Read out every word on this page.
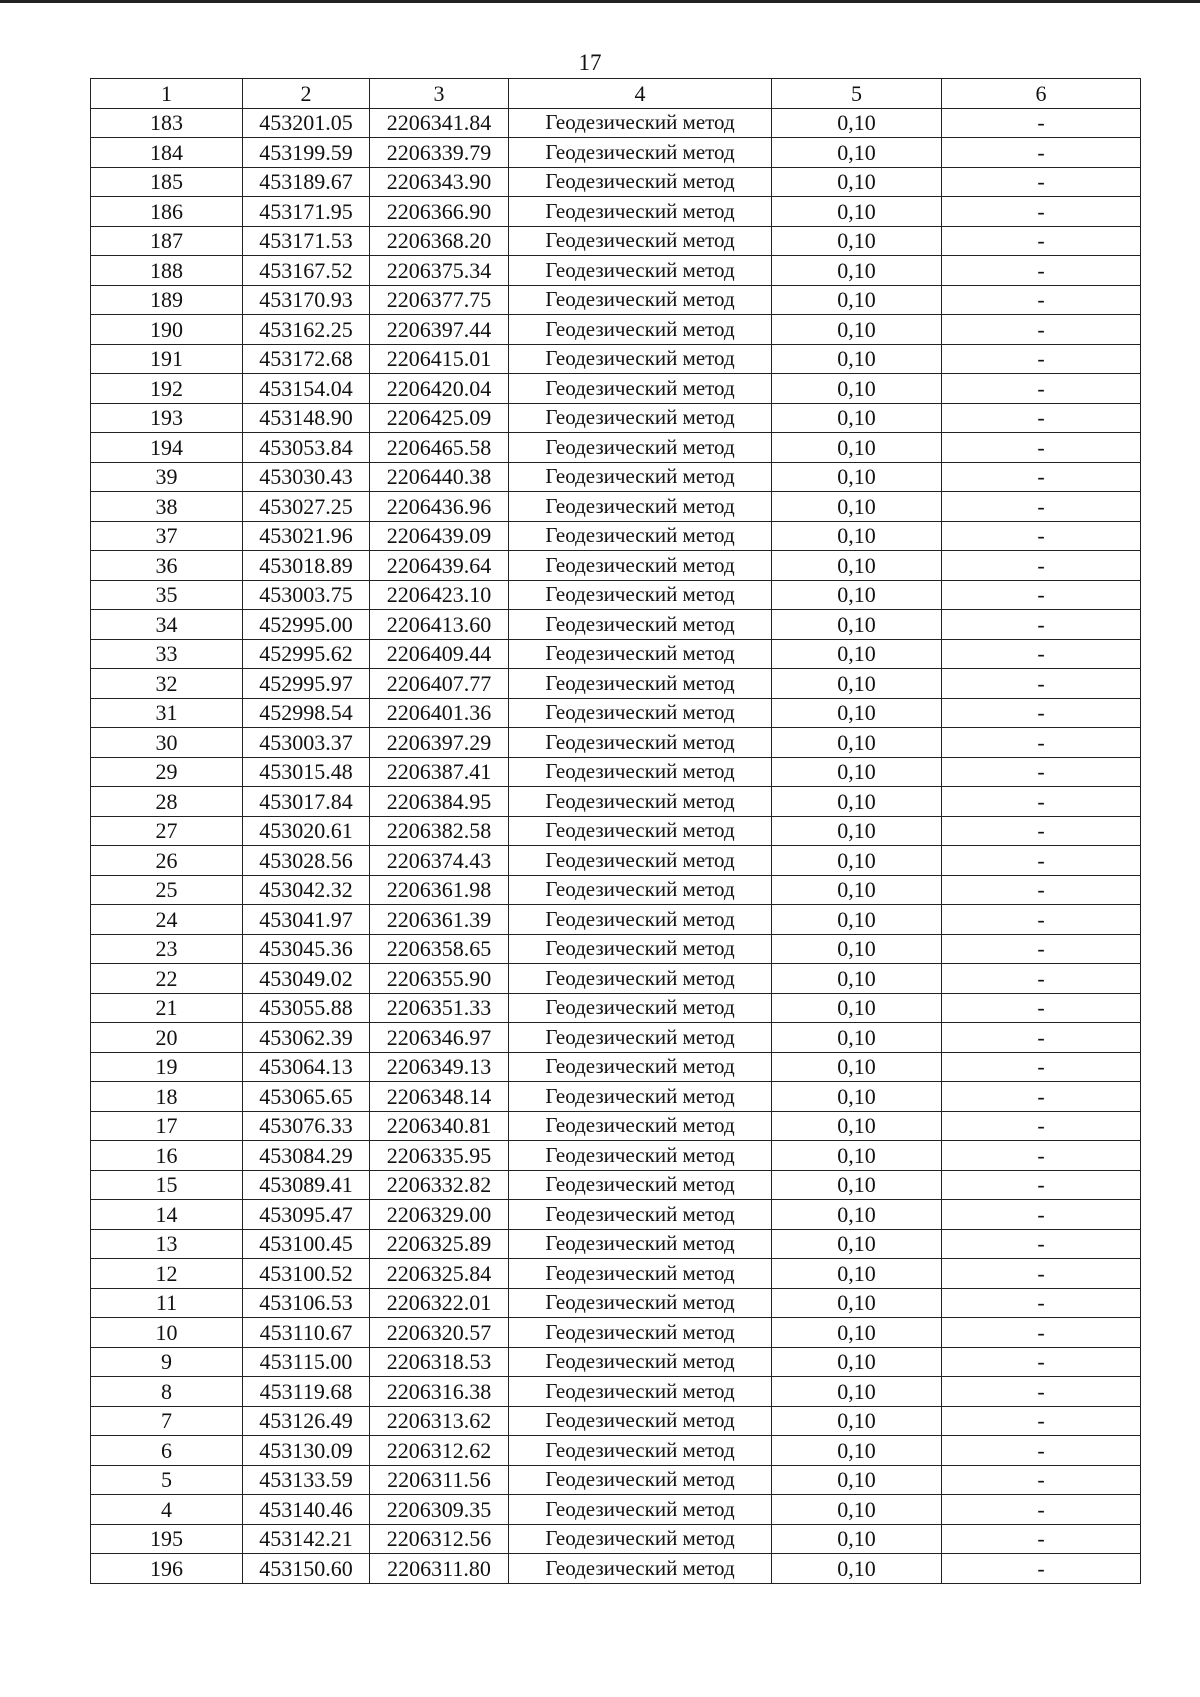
17
1	2	3	4	5	6
183	453201.05	2206341.84	Геодезический метод	0,10	-
184	453199.59	2206339.79	Геодезический метод	0,10	-
185	453189.67	2206343.90	Геодезический метод	0,10	-
186	453171.95	2206366.90	Геодезический метод	0,10	-
187	453171.53	2206368.20	Геодезический метод	0,10	-
188	453167.52	2206375.34	Геодезический метод	0,10	-
189	453170.93	2206377.75	Геодезический метод	0,10	-
190	453162.25	2206397.44	Геодезический метод	0,10	-
191	453172.68	2206415.01	Геодезический метод	0,10	-
192	453154.04	2206420.04	Геодезический метод	0,10	-
193	453148.90	2206425.09	Геодезический метод	0,10	-
194	453053.84	2206465.58	Геодезический метод	0,10	-
39	453030.43	2206440.38	Геодезический метод	0,10	-
38	453027.25	2206436.96	Геодезический метод	0,10	-
37	453021.96	2206439.09	Геодезический метод	0,10	-
36	453018.89	2206439.64	Геодезический метод	0,10	-
35	453003.75	2206423.10	Геодезический метод	0,10	-
34	452995.00	2206413.60	Геодезический метод	0,10	-
33	452995.62	2206409.44	Геодезический метод	0,10	-
32	452995.97	2206407.77	Геодезический метод	0,10	-
31	452998.54	2206401.36	Геодезический метод	0,10	-
30	453003.37	2206397.29	Геодезический метод	0,10	-
29	453015.48	2206387.41	Геодезический метод	0,10	-
28	453017.84	2206384.95	Геодезический метод	0,10	-
27	453020.61	2206382.58	Геодезический метод	0,10	-
26	453028.56	2206374.43	Геодезический метод	0,10	-
25	453042.32	2206361.98	Геодезический метод	0,10	-
24	453041.97	2206361.39	Геодезический метод	0,10	-
23	453045.36	2206358.65	Геодезический метод	0,10	-
22	453049.02	2206355.90	Геодезический метод	0,10	-
21	453055.88	2206351.33	Геодезический метод	0,10	-
20	453062.39	2206346.97	Геодезический метод	0,10	-
19	453064.13	2206349.13	Геодезический метод	0,10	-
18	453065.65	2206348.14	Геодезический метод	0,10	-
17	453076.33	2206340.81	Геодезический метод	0,10	-
16	453084.29	2206335.95	Геодезический метод	0,10	-
15	453089.41	2206332.82	Геодезический метод	0,10	-
14	453095.47	2206329.00	Геодезический метод	0,10	-
13	453100.45	2206325.89	Геодезический метод	0,10	-
12	453100.52	2206325.84	Геодезический метод	0,10	-
11	453106.53	2206322.01	Геодезический метод	0,10	-
10	453110.67	2206320.57	Геодезический метод	0,10	-
9	453115.00	2206318.53	Геодезический метод	0,10	-
8	453119.68	2206316.38	Геодезический метод	0,10	-
7	453126.49	2206313.62	Геодезический метод	0,10	-
6	453130.09	2206312.62	Геодезический метод	0,10	-
5	453133.59	2206311.56	Геодезический метод	0,10	-
4	453140.46	2206309.35	Геодезический метод	0,10	-
195	453142.21	2206312.56	Геодезический метод	0,10	-
196	453150.60	2206311.80	Геодезический метод	0,10	-
